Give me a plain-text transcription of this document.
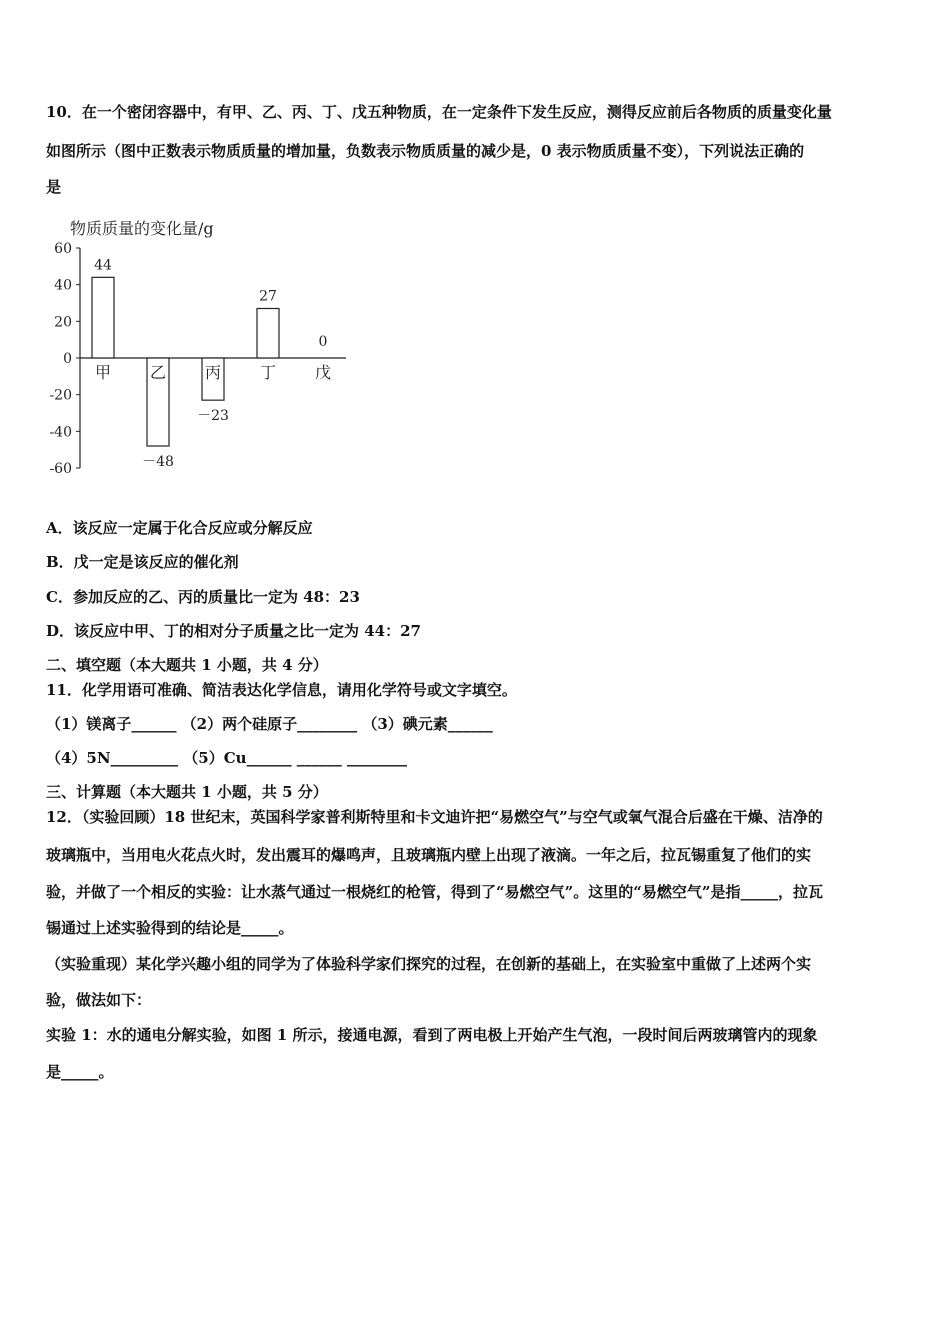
10．在一个密闭容器中，有甲、乙、丙、丁、戊五种物质，在一定条件下发生反应，测得反应前后各物质的质量变化量
如图所示（图中正数表示物质质量的增加量，负数表示物质质量的减少是，0 表示物质质量不变），下列说法正确的
是
物质质量的变化量/g
60
40
20
0
-20
-40
-60
44
甲
－48
乙
－23
丙
27
丁
0
戊
A．该反应一定属于化合反应或分解反应
B．戊一定是该反应的催化剂
C．参加反应的乙、丙的质量比一定为 48：23
D．该反应中甲、丁的相对分子质量之比一定为 44：27
二、填空题（本大题共 1 小题，共 4 分）
11．化学用语可准确、简洁表达化学信息，请用化学符号或文字填空。
（1）镁离子______ （2）两个硅原子________ （3）碘元素______
（4）5N_________ （5）Cu______ ______ ________
三、计算题（本大题共 1 小题，共 5 分）
12．（实验回顾）18 世纪末，英国科学家普利斯特里和卡文迪许把“易燃空气”与空气或氧气混合后盛在干燥、洁净的
玻璃瓶中，当用电火花点火时，发出震耳的爆鸣声，且玻璃瓶内壁上出现了液滴。一年之后，拉瓦锡重复了他们的实
验，并做了一个相反的实验：让水蒸气通过一根烧红的枪管，得到了“易燃空气”。这里的“易燃空气”是指_____，拉瓦
锡通过上述实验得到的结论是_____。
（实验重现）某化学兴趣小组的同学为了体验科学家们探究的过程，在创新的基础上，在实验室中重做了上述两个实
验，做法如下：
实验 1：水的通电分解实验，如图 1 所示，接通电源，看到了两电极上开始产生气泡，一段时间后两玻璃管内的现象
是_____。
